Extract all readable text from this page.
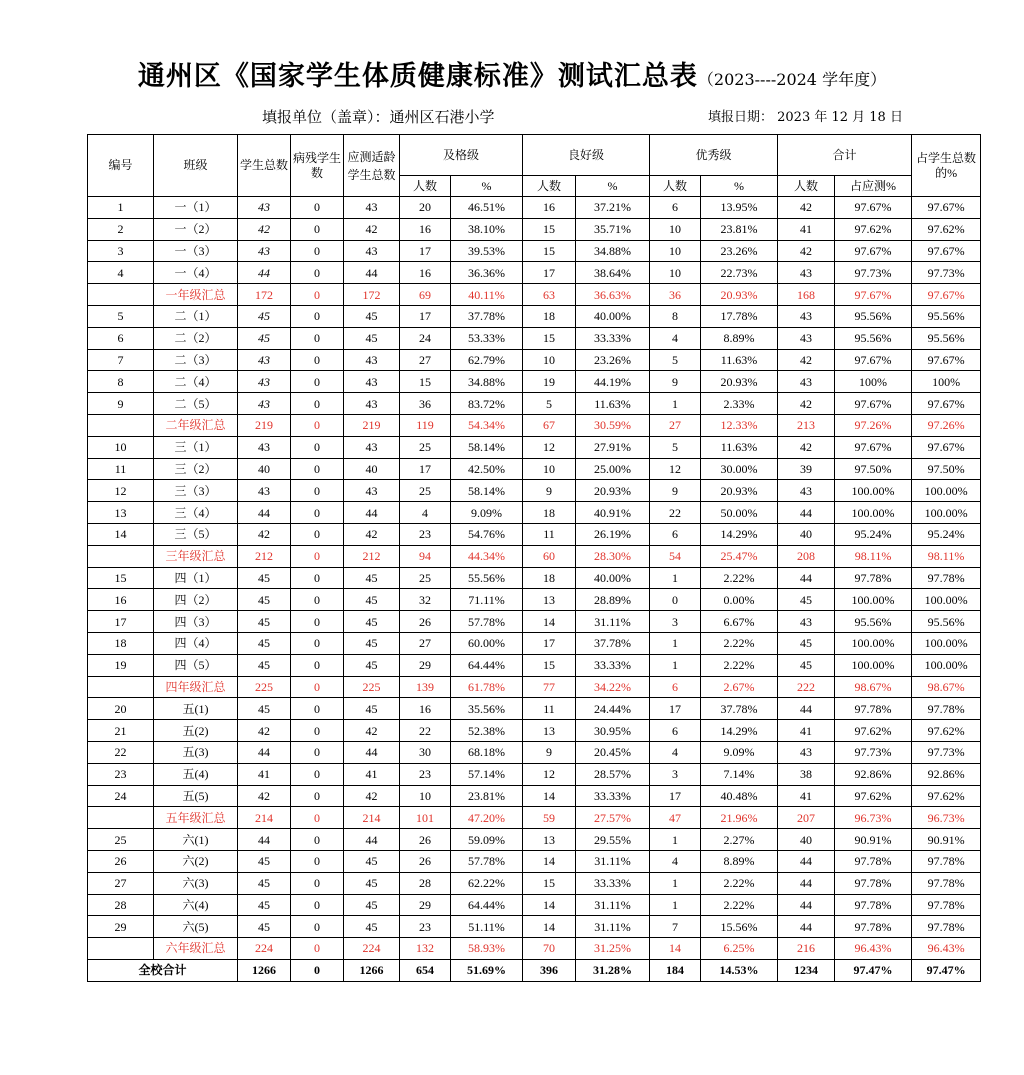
通州区《国家学生体质健康标准》测试汇总表（2023----2024 学年度）
填报单位（盖章）：通州区石港小学	填报日期： 2023 年 12 月 18 日
编号	班级	学生总数	病残学生数	应测适龄学生总数	及格级		良好级		优秀级		合计		占学生总数的%
					人数	%	人数	%	人数	%	人数	占应测%	
1	一（1）	43	0	43	20	46.51%	16	37.21%	6	13.95%	42	97.67%	97.67%
2	一（2）	42	0	42	16	38.10%	15	35.71%	10	23.81%	41	97.62%	97.62%
3	一（3）	43	0	43	17	39.53%	15	34.88%	10	23.26%	42	97.67%	97.67%
4	一（4）	44	0	44	16	36.36%	17	38.64%	10	22.73%	43	97.73%	97.73%
	一年级汇总	172	0	172	69	40.11%	63	36.63%	36	20.93%	168	97.67%	97.67%
5	二（1）	45	0	45	17	37.78%	18	40.00%	8	17.78%	43	95.56%	95.56%
6	二（2）	45	0	45	24	53.33%	15	33.33%	4	8.89%	43	95.56%	95.56%
7	二（3）	43	0	43	27	62.79%	10	23.26%	5	11.63%	42	97.67%	97.67%
8	二（4）	43	0	43	15	34.88%	19	44.19%	9	20.93%	43	100%	100%
9	二（5）	43	0	43	36	83.72%	5	11.63%	1	2.33%	42	97.67%	97.67%
	二年级汇总	219	0	219	119	54.34%	67	30.59%	27	12.33%	213	97.26%	97.26%
10	三（1）	43	0	43	25	58.14%	12	27.91%	5	11.63%	42	97.67%	97.67%
11	三（2）	40	0	40	17	42.50%	10	25.00%	12	30.00%	39	97.50%	97.50%
12	三（3）	43	0	43	25	58.14%	9	20.93%	9	20.93%	43	100.00%	100.00%
13	三（4）	44	0	44	4	9.09%	18	40.91%	22	50.00%	44	100.00%	100.00%
14	三（5）	42	0	42	23	54.76%	11	26.19%	6	14.29%	40	95.24%	95.24%
	三年级汇总	212	0	212	94	44.34%	60	28.30%	54	25.47%	208	98.11%	98.11%
15	四（1）	45	0	45	25	55.56%	18	40.00%	1	2.22%	44	97.78%	97.78%
16	四（2）	45	0	45	32	71.11%	13	28.89%	0	0.00%	45	100.00%	100.00%
17	四（3）	45	0	45	26	57.78%	14	31.11%	3	6.67%	43	95.56%	95.56%
18	四（4）	45	0	45	27	60.00%	17	37.78%	1	2.22%	45	100.00%	100.00%
19	四（5）	45	0	45	29	64.44%	15	33.33%	1	2.22%	45	100.00%	100.00%
	四年级汇总	225	0	225	139	61.78%	77	34.22%	6	2.67%	222	98.67%	98.67%
20	五(1)	45	0	45	16	35.56%	11	24.44%	17	37.78%	44	97.78%	97.78%
21	五(2)	42	0	42	22	52.38%	13	30.95%	6	14.29%	41	97.62%	97.62%
22	五(3)	44	0	44	30	68.18%	9	20.45%	4	9.09%	43	97.73%	97.73%
23	五(4)	41	0	41	23	57.14%	12	28.57%	3	7.14%	38	92.86%	92.86%
24	五(5)	42	0	42	10	23.81%	14	33.33%	17	40.48%	41	97.62%	97.62%
	五年级汇总	214	0	214	101	47.20%	59	27.57%	47	21.96%	207	96.73%	96.73%
25	六(1)	44	0	44	26	59.09%	13	29.55%	1	2.27%	40	90.91%	90.91%
26	六(2)	45	0	45	26	57.78%	14	31.11%	4	8.89%	44	97.78%	97.78%
27	六(3)	45	0	45	28	62.22%	15	33.33%	1	2.22%	44	97.78%	97.78%
28	六(4)	45	0	45	29	64.44%	14	31.11%	1	2.22%	44	97.78%	97.78%
29	六(5)	45	0	45	23	51.11%	14	31.11%	7	15.56%	44	97.78%	97.78%
	六年级汇总	224	0	224	132	58.93%	70	31.25%	14	6.25%	216	96.43%	96.43%
全校合计		1266	0	1266	654	51.69%	396	31.28%	184	14.53%	1234	97.47%	97.47%
